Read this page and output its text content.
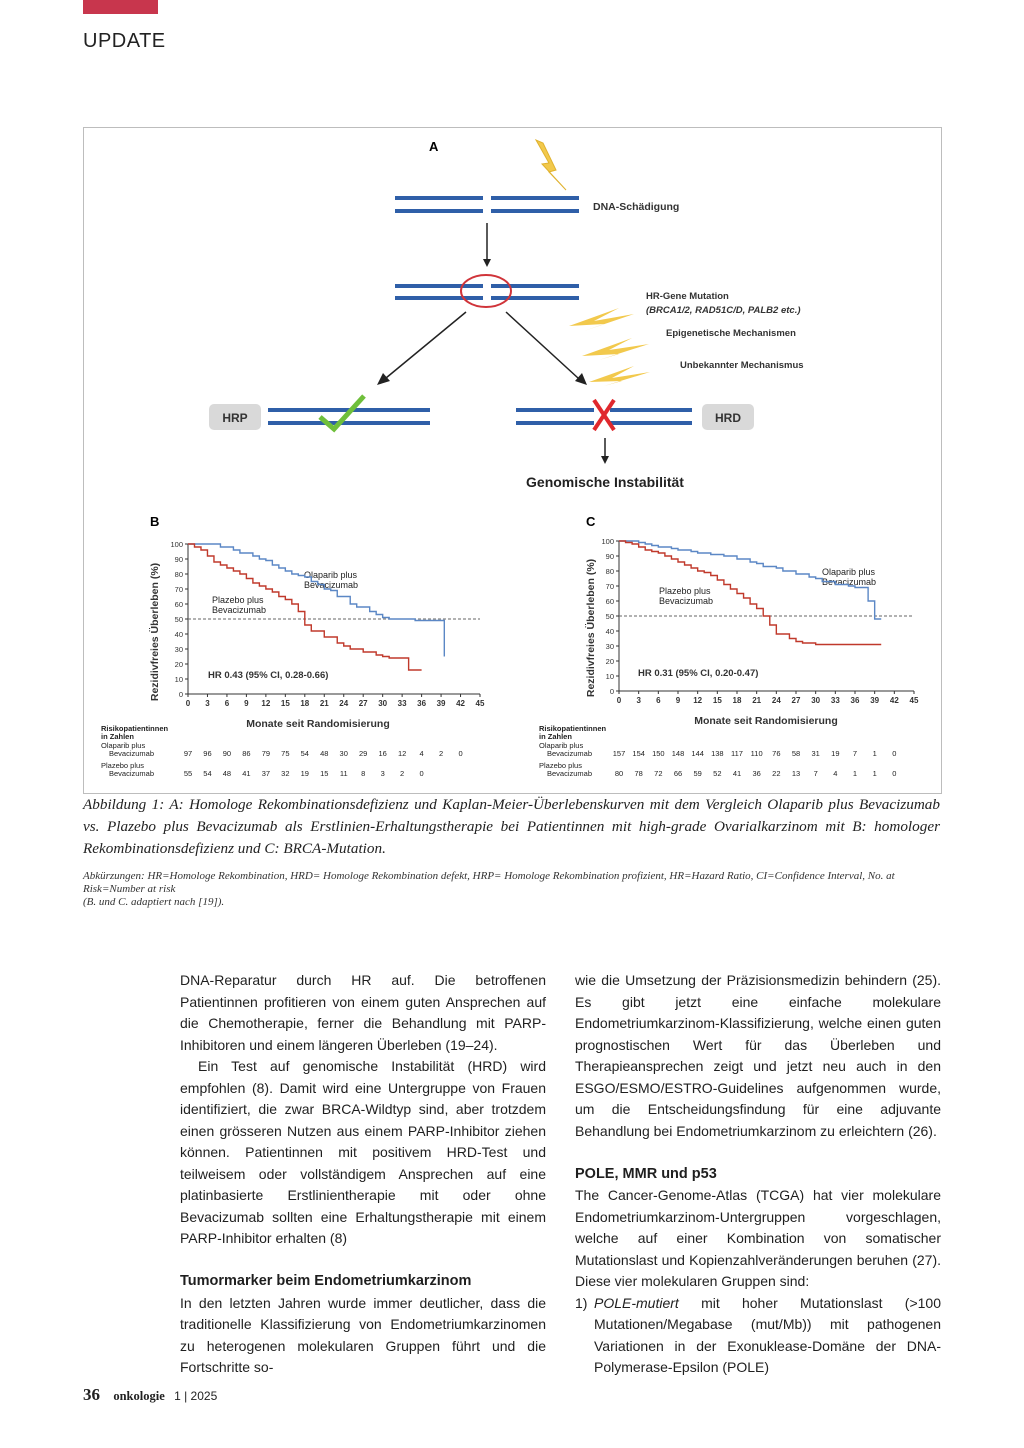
UPDATE
A
DNA-Schädigung
HR-Gene Mutation
(BRCA1/2, RAD51C/D, PALB2 etc.)
Epigenetische Mechanismen
Unbekannter Mechanismus
HRP	HRD
Genomische Instabilität
B
0
10
20
30
40
50
60
70
80
90
100
0 3 6 9 12 15 18 21 24 27 30 33 36 39 42 45
Rezidivfreies Überleben (%)
Monate seit Randomisierung
Olaparib plus
Bevacizumab
Plazebo plus
Bevacizumab
HR 0.43 (95% CI, 0.28-0.66)
Risikopatientinnen
in Zahlen
Olaparib plus
Bevacizumab
Plazebo plus
Bevacizumab
97 96 90 86 79 75 54 48 30 29 16 12 4 2 0
55 54 48 41 37 32 19 15 11 8 3 2 0
C
0
10
20
30
40
50
60
70
80
90
100
0 3 6 9 12 15 18 21 24 27 30 33 36 39 42 45
Rezidivfreies Überleben (%)
Monate seit Randomisierung
Olaparib plus
Bevacizumab
Plazebo plus
Bevacizumab
HR 0.31 (95% CI, 0.20-0.47)
Risikopatientinnen
in Zahlen
Olaparib plus
Bevacizumab
Plazebo plus
Bevacizumab
157 154 150 148 144 138 117 110 76 58 31 19 7 1 0
80 78 72 66 59 52 41 36 22 13 7 4 1 1 0

Abbildung 1: A: Homologe Rekombinationsdefizienz und Kaplan-Meier-Überlebenskurven mit dem Vergleich Olaparib plus Bevacizumab vs. Plazebo plus Bevacizumab als Erstlinien-Erhaltungstherapie bei Patientinnen mit high-grade Ovarialkarzinom mit B: homologer Rekombinationsdefizienz und C: BRCA-Mutation.

Abkürzungen: HR=Homologe Rekombination, HRD= Homologe Rekombination defekt, HRP= Homologe Rekombination profizient, HR=Hazard Ratio, CI=Confidence Interval, No. at Risk=Number at risk
(B. und C. adaptiert nach [19]).

DNA-Reparatur durch HR auf. Die betroffenen Patientinnen profitieren von einem guten Ansprechen auf die Chemotherapie, ferner die Behandlung mit PARP-Inhibitoren und einem längeren Überleben (19–24).

Ein Test auf genomische Instabilität (HRD) wird empfohlen (8). Damit wird eine Untergruppe von Frauen identifiziert, die zwar BRCA-Wildtyp sind, aber trotzdem einen grösseren Nutzen aus einem PARP-Inhibitor ziehen können. Patientinnen mit positivem HRD-Test und teilweisem oder vollständigem Ansprechen auf eine platinbasierte Erstlinientherapie mit oder ohne Bevacizumab sollten eine Erhaltungstherapie mit einem PARP-Inhibitor erhalten (8)

Tumormarker beim Endometriumkarzinom

In den letzten Jahren wurde immer deutlicher, dass die traditionelle Klassifizierung von Endometriumkarzinomen zu heterogenen molekularen Gruppen führt und die Fortschritte so-

wie die Umsetzung der Präzisionsmedizin behindern (25). Es gibt jetzt eine einfache molekulare Endometriumkarzinom-Klassifizierung, welche einen guten prognostischen Wert für das Überleben und Therapieansprechen zeigt und jetzt neu auch in den ESGO/ESMO/ESTRO-Guidelines aufgenommen wurde, um die Entscheidungsfindung für eine adjuvante Behandlung bei Endometriumkarzinom zu erleichtern (26).

POLE, MMR und p53

The Cancer-Genome-Atlas (TCGA) hat vier molekulare Endometriumkarzinom-Untergruppen vorgeschlagen, welche auf einer Kombination von somatischer Mutationslast und Kopienzahlveränderungen beruhen (27). Diese vier molekularen Gruppen sind:

1) POLE-mutiert mit hoher Mutationslast (>100 Mutationen/Megabase (mut/Mb)) mit pathogenen Variationen in der Exonuklease-Domäne der DNA-Polymerase-Epsilon (POLE)
36 onkologie 1 | 2025
